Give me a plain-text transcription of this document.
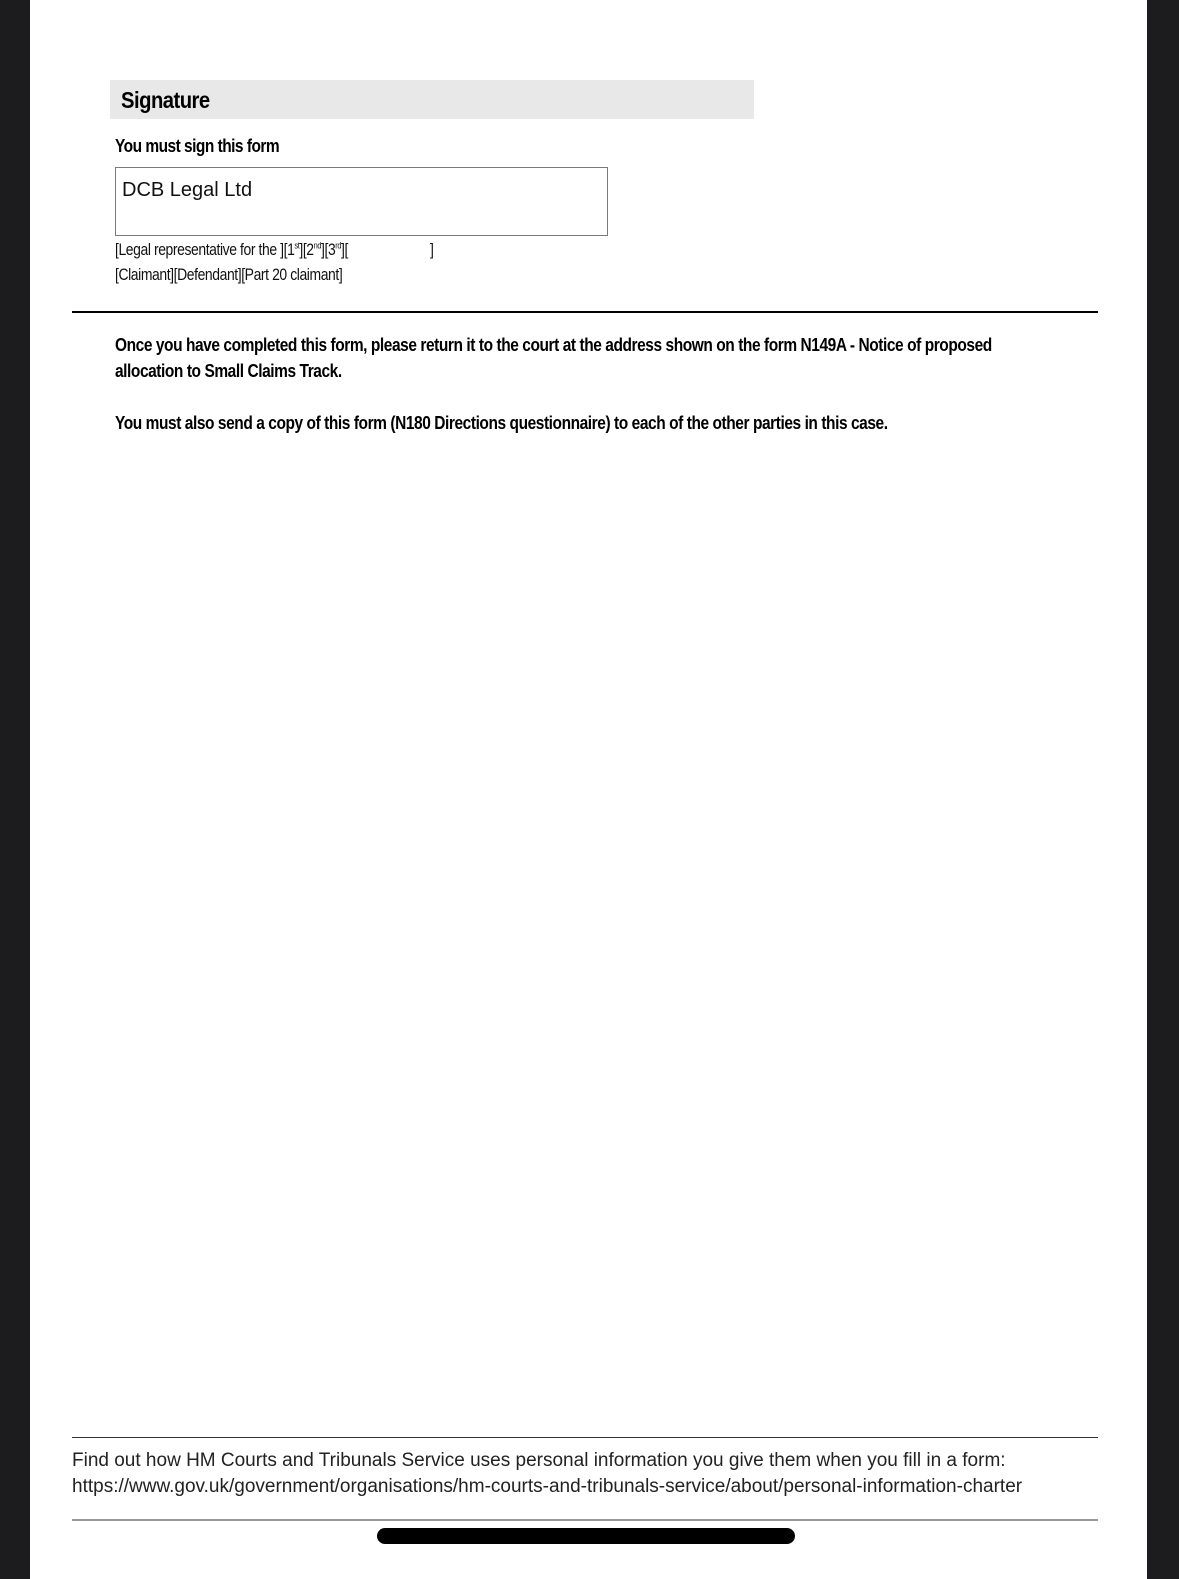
Signature
You must sign this form
DCB Legal Ltd
[Legal representative for the ][1st][2nd][3rd][	]
[Claimant][Defendant][Part 20 claimant]
Once you have completed this form, please return it to the court at the address shown on the form N149A - Notice of proposed allocation to Small Claims Track.
You must also send a copy of this form (N180 Directions questionnaire) to each of the other parties in this case.
Find out how HM Courts and Tribunals Service uses personal information you give them when you fill in a form:
https://www.gov.uk/government/organisations/hm-courts-and-tribunals-service/about/personal-information-charter
